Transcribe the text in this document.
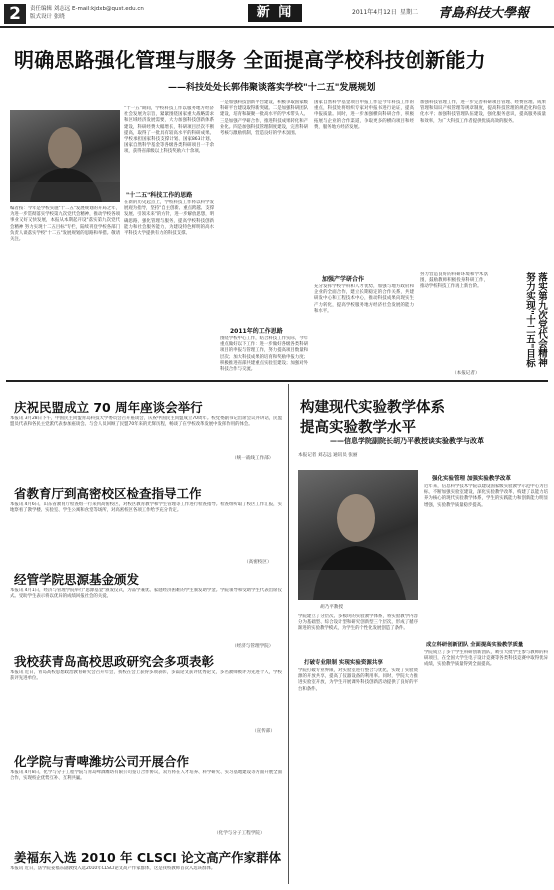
2	责任编辑 刘志远 E-mail:kjdxb@qust.edu.cn
版式设计 张晓	新 闻	2011年4月12日 星期二 青島科技大學報
明确思路强化管理与服务 全面提高学校科技创新能力
——科技处处长郭伟聚谈落实学校"十二五"发展规划
编者按：今年是学校实施"十二五"发展规划的开局之年，为进一步贯彻落实学校第九次党代会精神，推动学校各项事业又好又快发展，本报从本期起开设"落实第九次党代会精神 努力实现十二五目标"专栏，陆续刊登学校各部门负责人谈落实学校"十二五"发展规划的思路和举措。敬请关注。
"十一五"期间，学校科技工作以服务地方经济社会发展为宗旨，紧紧围绕国家重大战略需求和区域经济发展需要，大力加强科技创新体系建设，科研经费大幅增长，科研项目层次不断提高，取得了一批具有较高水平的科研成果。学校承担国家科技支撑计划、国家863计划、国家自然科学基金等各级各类科研项目一千余项，获得省部级以上科技奖励六十余项。
"十二五"科技工作的思路
在新的历史起点上，学校科技工作将以科学发展观为指导，坚持"自主创新、重点跨越、支撑发展、引领未来"的方针，进一步解放思想，明确思路，强化管理与服务，提高学校科技创新能力和社会服务能力，为建设特色鲜明的高水平科技大学提供有力的科技支撑。
一是加强科技创新平台建设，积极争取国家级科研平台建设取得新突破。二是加强科研团队建设，培育和凝聚一批高水平的学术带头人。三是加强产学研合作，推进科技成果转化和产业化。四是加强科技管理制度建设，完善科研考核与激励机制，营造良好的学术氛围。
2011年的工作思路
围绕学校中心工作，结合科技工作实际，今年重点做好以下工作：进一步做好各级各类科研项目的申报与管理工作，努力提高项目数量和层次；加大科技成果的培育和奖励申报力度；积极推进省部共建重点实验室建设；加强对外科技合作与交流。
国家自然科学基金项目申报工作是今年科技工作的重点，科技处将组织专家对申报书进行论证，提高申报质量。同时，进一步加强横向科研合作，积极拓展与企业的合作渠道，争取更多的横向项目和经费，服务地方经济发展。
加强产学研合作
充分发挥学校学科和人才优势，加强与地方政府和企业的全面合作，建立长期稳定的合作关系，共建研发中心和工程技术中心，推动科技成果向现实生产力转化，提高学校服务地方经济社会发展的能力和水平。
加强科技管理工作，进一步完善科研项目管理、经费管理、成果管理和知识产权管理等规章制度，提高科技管理的规范化和信息化水平；加强科技管理队伍建设，强化服务意识，提高服务质量和效率，为广大科技工作者提供优质高效的服务。
努力营造良好的科研环境和学术氛围，鼓励教师积极投身科研工作，推动学校科技工作再上新台阶。
（本报记者）
落实第九次党代会精神 努力实现"十二五"目标
庆祝民盟成立 70 周年座谈会举行
本报讯 3月28日下午，中国民主同盟青岛科技大学委员会召开座谈会，庆祝中国民主同盟成立70周年。校党委副书记出席会议并讲话，民盟盟员代表和各民主党派代表参加座谈会。与会人员回顾了民盟70年来的光辉历程，畅谈了在学校改革发展中发挥作用的体会。
（统一战线工作部）
省教育厅到高密校区检查指导工作
本报讯 4月6日，山东省教育厅检查组一行来到高密校区，对校区教育教学和学生管理等工作进行检查指导。检查组听取了校区工作汇报，实地察看了教学楼、实验室、学生公寓和食堂等场所，对高密校区各项工作给予充分肯定。
（高密校区）
经管学院思源基金颁发
本报讯 4月1日，经济与管理学院举行"思源基金"颁发仪式，为品学兼优、家庭经济困难的学生颁发助学金。学院领导和受助学生代表出席仪式。受助学生表示将以优异的成绩回报社会的关爱。
（经济与管理学院）
我校获青岛高校思政研究会多项表彰
本报讯 近日，青岛高校思想政治教育研究会召开年会，我校在会上获得多项表彰，多篇论文获评优秀论文，多名教师被评为先进个人，学校获评先进单位。
（宣传部）
化学院与青啤潍坊公司开展合作
本报讯 4月8日，化学与分子工程学院与青岛啤酒潍坊有限公司签订合作协议，双方将在人才培养、科学研究、实习基地建设等方面开展全面合作，实现校企优势互补、互利共赢。
（化学与分子工程学院）
姜福东入选 2010 年 CLSCI 论文高产作家群体
本报讯 近日，法学院姜福东副教授入选2010年CLSCI论文高产作家群体，这是我校教师首次入选该群体。
构建现代实验教学体系
提高实验教学水平
——信息学院副院长胡乃平教授谈实验教学与改革
本报记者 刘志远 通讯员 张丽
胡乃平教授
强化实验管理 加强实验教学改革
近年来，信息科学技术学院以建设国家级实验教学示范中心为目标，不断加强实验室建设，深化实验教学改革，构建了以能力培养为核心的现代实验教学体系，学生的实践能力和创新能力明显增强，实验教学质量稳步提高。
学院建立了分层次、多模块的实验教学体系，将实验教学内容分为基础型、综合设计型和研究创新型三个层次，形成了循序渐进的实验教学模式，为学生的个性化发展创造了条件。
打破专业限制 实现实验资源共享
学院打破专业界限，对实验室进行整合与优化，实现了实验资源的开放共享，提高了仪器设备的利用率。同时，学院大力推进实验室开放，为学生开展课外科技创新活动提供了良好的平台和条件。
成立科研创新团队 全面提高实验教学质量
学院成立了多个学生科研创新团队，吸引大批学生参与教师的科研项目，在全国大学生电子设计竞赛等各类科技竞赛中取得优异成绩，实验教学质量得到全面提高。
